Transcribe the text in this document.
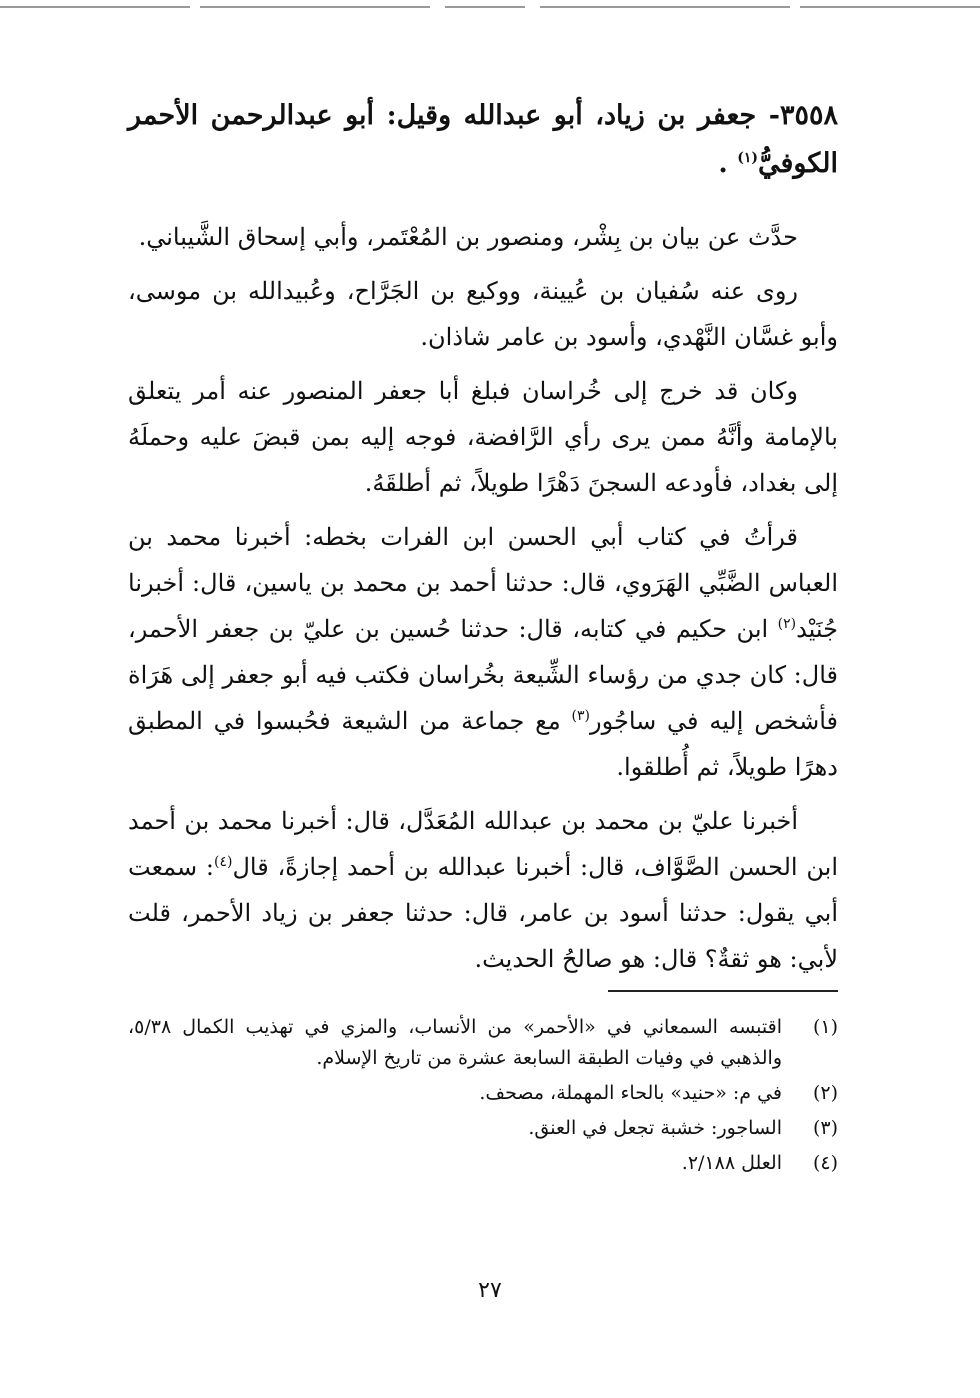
٣٥٥٨- جعفر بن زياد، أبو عبدالله وقيل: أبو عبدالرحمن الأحمر الكوفيُّ$^{(١)}$ .

حدَّث عن بيان بن بِشْر، ومنصور بن المُعْتَمر، وأبي إسحاق الشَّيباني.

روى عنه سُفيان بن عُيينة، ووكيع بن الجَرَّاح، وعُبيدالله بن موسى، وأبو غسَّان النَّهْدي، وأسود بن عامر شاذان.

وكان قد خرج إلى خُراسان فبلغ أبا جعفر المنصور عنه أمر يتعلق بالإمامة وأنَّهُ ممن يرى رأي الرَّافضة، فوجه إليه بمن قبضَ عليه وحملَهُ إلى بغداد، فأودعه السجنَ دَهْرًا طويلاً، ثم أطلقَهُ.

قرأتُ في كتاب أبي الحسن ابن الفرات بخطه: أخبرنا محمد بن العباس الضَّبِّي الهَرَوي، قال: حدثنا أحمد بن محمد بن ياسين، قال: أخبرنا جُنَيْد$^{(٢)}$ ابن حكيم في كتابه، قال: حدثنا حُسين بن عليّ بن جعفر الأحمر، قال: كان جدي من رؤساء الشِّيعة بخُراسان فكتب فيه أبو جعفر إلى هَرَاة فأشخص إليه في ساجُور$^{(٣)}$ مع جماعة من الشيعة فحُبسوا في المطبق دهرًا طويلاً، ثم أُطلقوا.

أخبرنا عليّ بن محمد بن عبدالله المُعَدَّل، قال: أخبرنا محمد بن أحمد ابن الحسن الصَّوَّاف، قال: أخبرنا عبدالله بن أحمد إجازةً، قال$^{(٤)}$: سمعت أبي يقول: حدثنا أسود بن عامر، قال: حدثنا جعفر بن زياد الأحمر، قلت لأبي: هو ثقةٌ؟ قال: هو صالحُ الحديث.

(١)
اقتبسه السمعاني في «الأحمر» من الأنساب، والمزي في تهذيب الكمال ٥/٣٨، والذهبي في وفيات الطبقة السابعة عشرة من تاريخ الإسلام.
(٢)
في م: «حنيد» بالحاء المهملة، مصحف.
(٣)
الساجور: خشبة تجعل في العنق.
(٤)
العلل ٢/١٨٨.
٢٧
